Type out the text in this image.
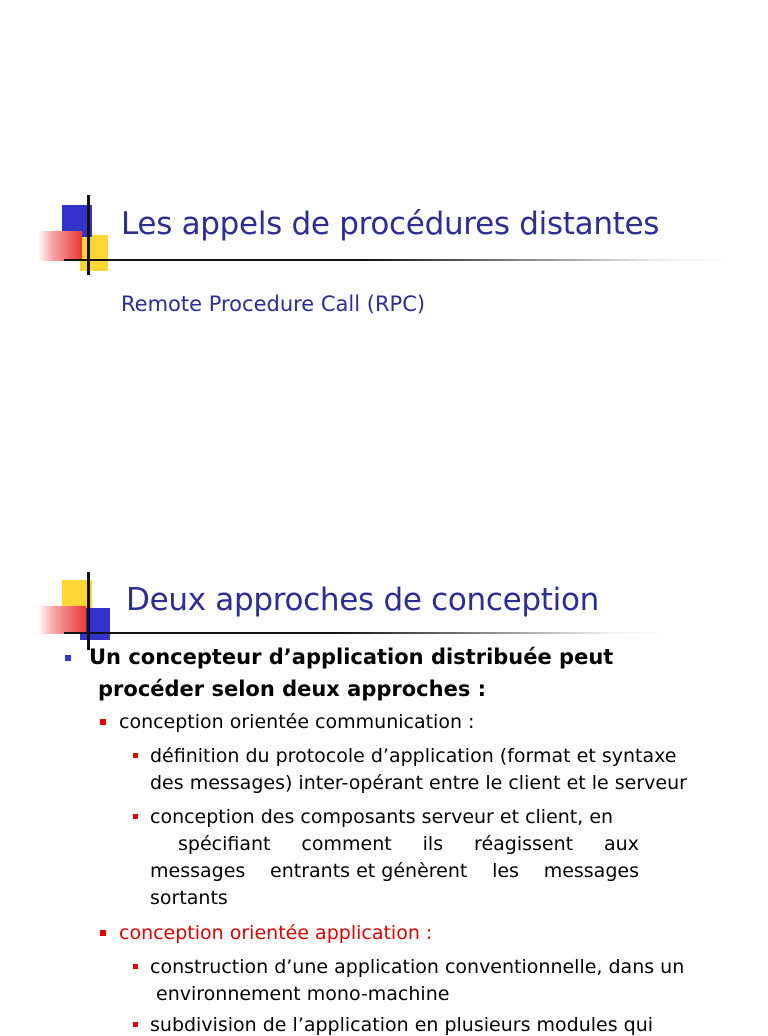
Les appels de procédures distantes
Remote Procedure Call (RPC)
Deux approches de conception
Un concepteur d’application distribuée peut
procéder selon deux approches :
conception orientée communication :
définition du protocole d’application (format et syntaxe
des messages) inter-opérant entre le client et le serveur
conception des composants serveur et client, en
spécifiant comment ils réagissent aux
messages entrants et génèrent les messages
sortants
conception orientée application :
construction d’une application conventionnelle, dans un
environnement mono-machine
subdivision de l’application en plusieurs modules qui
